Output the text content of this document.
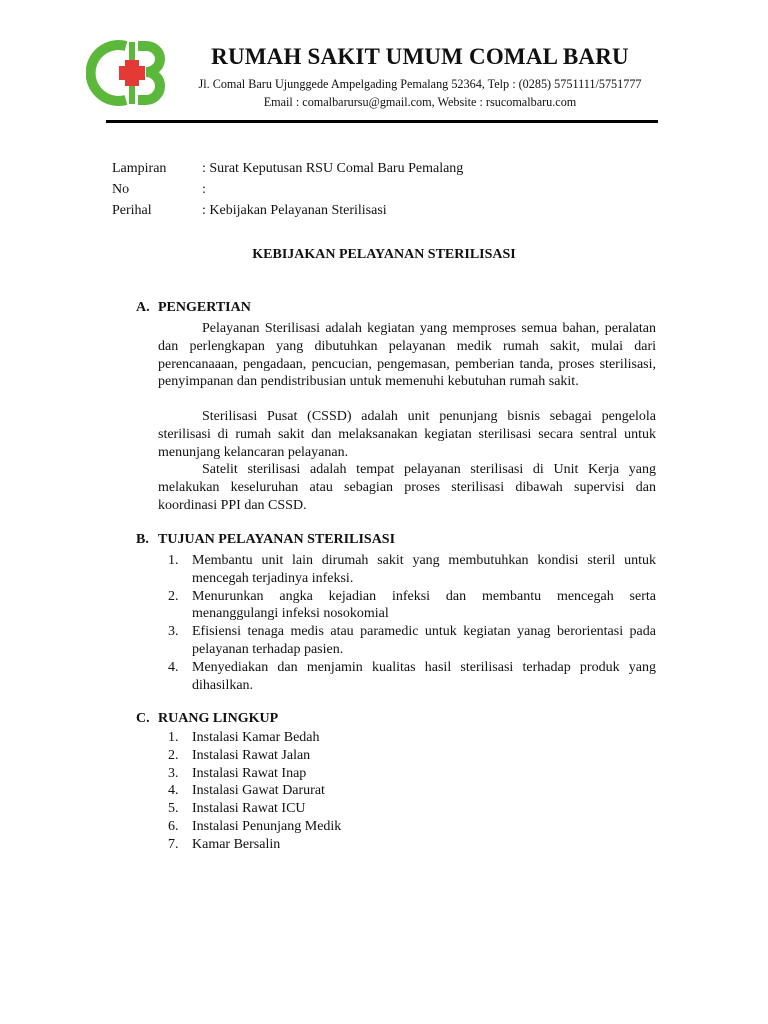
RUMAH SAKIT UMUM COMAL BARU
Jl. Comal Baru Ujunggede Ampelgading Pemalang 52364, Telp : (0285) 5751111/5751777
Email : comalbarursu@gmail.com, Website : rsucomalbaru.com
Lampiran	: Surat Keputusan RSU Comal Baru Pemalang
No	:
Perihal	: Kebijakan Pelayanan Sterilisasi
KEBIJAKAN PELAYANAN STERILISASI
A. PENGERTIAN

Pelayanan Sterilisasi adalah kegiatan yang memproses semua bahan, peralatan dan perlengkapan yang dibutuhkan pelayanan medik rumah sakit, mulai dari perencanaaan, pengadaan, pencucian, pengemasan, pemberian tanda, proses sterilisasi, penyimpanan dan pendistribusian untuk memenuhi kebutuhan rumah sakit.

Sterilisasi Pusat (CSSD) adalah unit penunjang bisnis sebagai pengelola sterilisasi di rumah sakit dan melaksanakan kegiatan sterilisasi secara sentral untuk menunjang kelancaran pelayanan.

Satelit sterilisasi adalah tempat pelayanan sterilisasi di Unit Kerja yang melakukan keseluruhan atau sebagian proses sterilisasi dibawah supervisi dan koordinasi PPI dan CSSD.

B. TUJUAN PELAYANAN STERILISASI
1. Membantu unit lain dirumah sakit yang membutuhkan kondisi steril untuk mencegah terjadinya infeksi.
2. Menurunkan angka kejadian infeksi dan membantu mencegah serta menanggulangi infeksi nosokomial
3. Efisiensi tenaga medis atau paramedic untuk kegiatan yanag berorientasi pada pelayanan terhadap pasien.
4. Menyediakan dan menjamin kualitas hasil sterilisasi terhadap produk yang dihasilkan.
C. RUANG LINGKUP
1. Instalasi Kamar Bedah
2. Instalasi Rawat Jalan
3. Instalasi Rawat Inap
4. Instalasi Gawat Darurat
5. Instalasi Rawat ICU
6. Instalasi Penunjang Medik
7. Kamar Bersalin
